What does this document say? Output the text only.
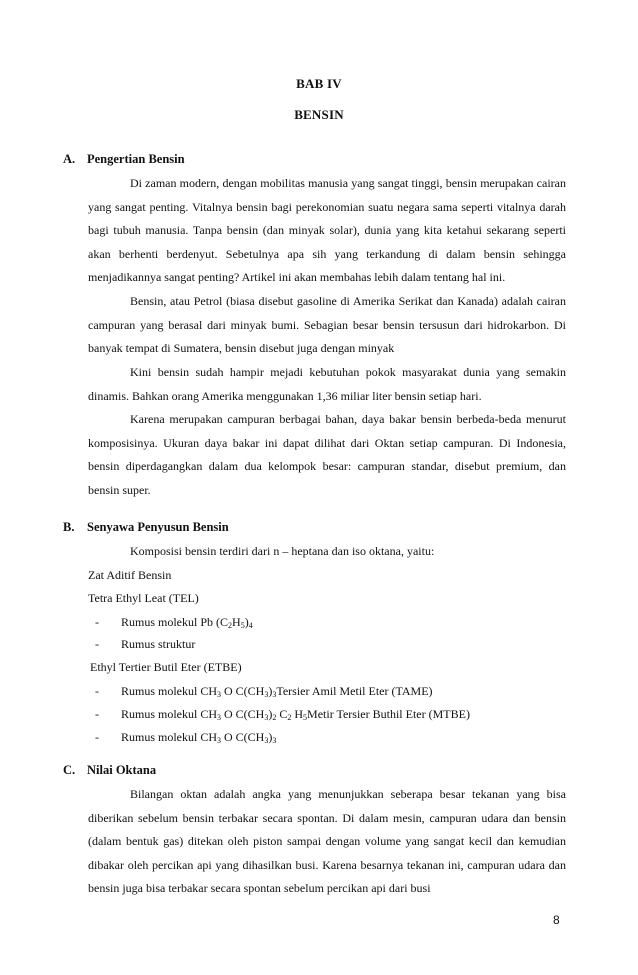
BAB IV
BENSIN
A. Pengertian Bensin

Di zaman modern, dengan mobilitas manusia yang sangat tinggi, bensin merupakan cairan yang sangat penting. Vitalnya bensin bagi perekonomian suatu negara sama seperti vitalnya darah bagi tubuh manusia. Tanpa bensin (dan minyak solar), dunia yang kita ketahui sekarang seperti akan berhenti berdenyut. Sebetulnya apa sih yang terkandung di dalam bensin sehingga menjadikannya sangat penting? Artikel ini akan membahas lebih dalam tentang hal ini.

Bensin, atau Petrol (biasa disebut gasoline di Amerika Serikat dan Kanada) adalah cairan campuran yang berasal dari minyak bumi. Sebagian besar bensin tersusun dari hidrokarbon. Di banyak tempat di Sumatera, bensin disebut juga dengan minyak

Kini bensin sudah hampir mejadi kebutuhan pokok masyarakat dunia yang semakin dinamis. Bahkan orang Amerika menggunakan 1,36 miliar liter bensin setiap hari.

Karena merupakan campuran berbagai bahan, daya bakar bensin berbeda-beda menurut komposisinya. Ukuran daya bakar ini dapat dilihat dari Oktan setiap campuran. Di Indonesia, bensin diperdagangkan dalam dua kelompok besar: campuran standar, disebut premium, dan bensin super.

B. Senyawa Penyusun Bensin
Komposisi bensin terdiri dari n – heptana dan iso oktana, yaitu:
Zat Aditif Bensin
Tetra Ethyl Leat (TEL)
- Rumus molekul Pb $(C_2H_5)_4$
- Rumus struktur
Ethyl Tertier Butil Eter (ETBE)
- Rumus molekul $CH_3$ O $C(CH_3)_3Tersier$ Amil Metil Eter (TAME)
- Rumus molekul $CH_3$ O $C(CH_3)_2$ $C_2$ $H_5Metir$ Tersier Buthil Eter (MTBE)
- Rumus molekul $CH_3$ O $C(CH_3)_3$
C. Nilai Oktana

Bilangan oktan adalah angka yang menunjukkan seberapa besar tekanan yang bisa diberikan sebelum bensin terbakar secara spontan. Di dalam mesin, campuran udara dan bensin (dalam bentuk gas) ditekan oleh piston sampai dengan volume yang sangat kecil dan kemudian dibakar oleh percikan api yang dihasilkan busi. Karena besarnya tekanan ini, campuran udara dan bensin juga bisa terbakar secara spontan sebelum percikan api dari busi

8
